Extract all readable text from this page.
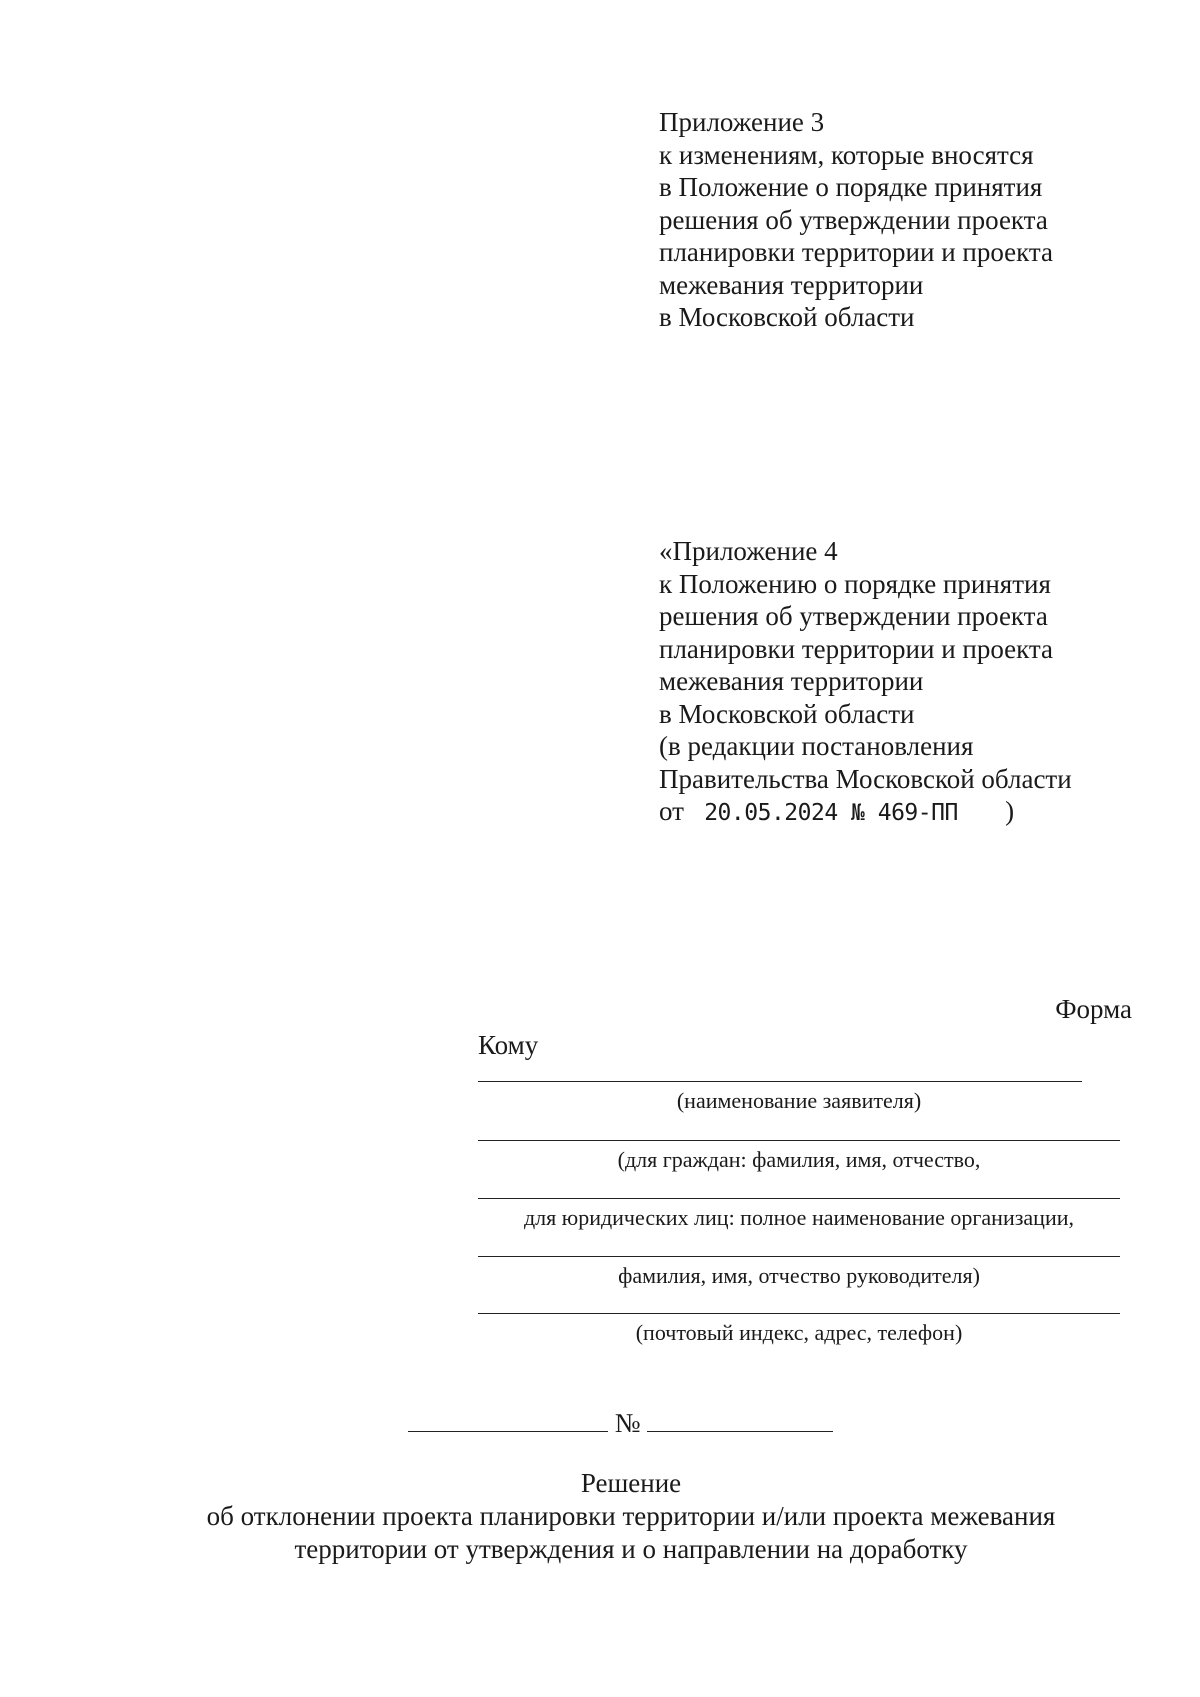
Приложение 3
к изменениям, которые вносятся
в Положение о порядке принятия
решения об утверждении проекта
планировки территории и проекта
межевания территории
в Московской области
«Приложение 4
к Положению о порядке принятия
решения об утверждении проекта
планировки территории и проекта
межевания территории
в Московской области
(в редакции постановления
Правительства Московской области
от 20.05.2024 № 469-ПП )
Форма
Кому
(наименование заявителя)
(для граждан: фамилия, имя, отчество,
для юридических лиц: полное наименование организации,
фамилия, имя, отчество руководителя)
(почтовый индекс, адрес, телефон)
№
Решение
об отклонении проекта планировки территории и/или проекта межевания
территории от утверждения и о направлении на доработку
